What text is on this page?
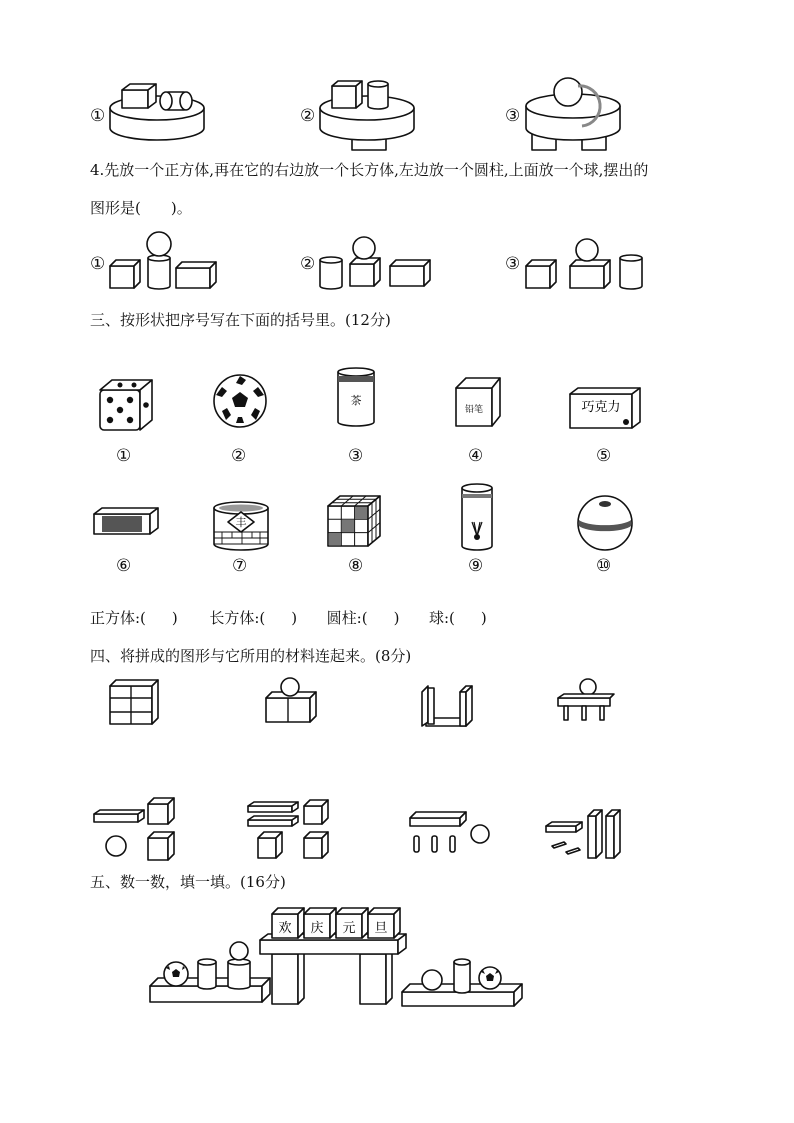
①	②	③
4.先放一个正方体,再在它的右边放一个长方体,左边放一个圆柱,上面放一个球,摆出的
图形是(　　)。
①	②	③
三、按形状把序号写在下面的括号里。(12分)
茶
铅笔	巧克力
①	②	③	④	⑤
丰
⑥	⑦	⑧	⑨	⑩
正方体:( ) 长方体:( ) 圆柱:( ) 球:( )
四、将拼成的图形与它所用的材料连起来。(8分)
五、数一数，填一填。(16分)
欢 庆 元 旦
